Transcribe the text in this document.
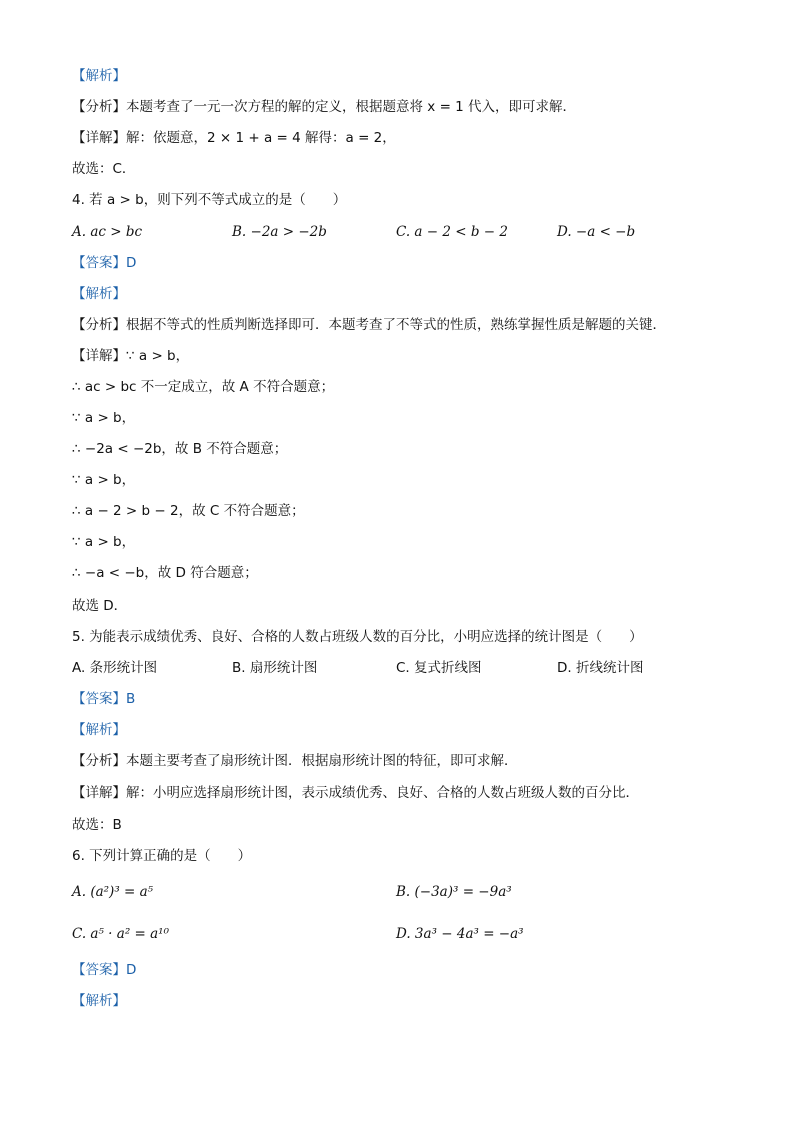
【解析】
【分析】本题考查了一元一次方程的解的定义，根据题意将 x = 1 代入，即可求解．
【详解】解：依题意，2 × 1 + a = 4 解得：a = 2，
故选：C．
4. 若 a > b，则下列不等式成立的是（　　）
A. ac > bc	B. −2a > −2b	C. a − 2 < b − 2	D. −a < −b
【答案】D
【解析】
【分析】根据不等式的性质判断选择即可．本题考查了不等式的性质，熟练掌握性质是解题的关键．
【详解】∵ a > b，
∴ ac > bc 不一定成立，故 A 不符合题意；
∵ a > b，
∴ −2a < −2b，故 B 不符合题意；
∵ a > b，
∴ a − 2 > b − 2，故 C 不符合题意；
∵ a > b，
∴ −a < −b，故 D 符合题意；
故选 D．
5. 为能表示成绩优秀、良好、合格的人数占班级人数的百分比，小明应选择的统计图是（　　）
A. 条形统计图	B. 扇形统计图	C. 复式折线图	D. 折线统计图
【答案】B
【解析】
【分析】本题主要考查了扇形统计图．根据扇形统计图的特征，即可求解．
【详解】解：小明应选择扇形统计图，表示成绩优秀、良好、合格的人数占班级人数的百分比．
故选：B
6. 下列计算正确的是（　　）
A. (a²)³ = a⁵	B. (−3a)³ = −9a³
C. a⁵ · a² = a¹⁰	D. 3a³ − 4a³ = −a³
【答案】D
【解析】
